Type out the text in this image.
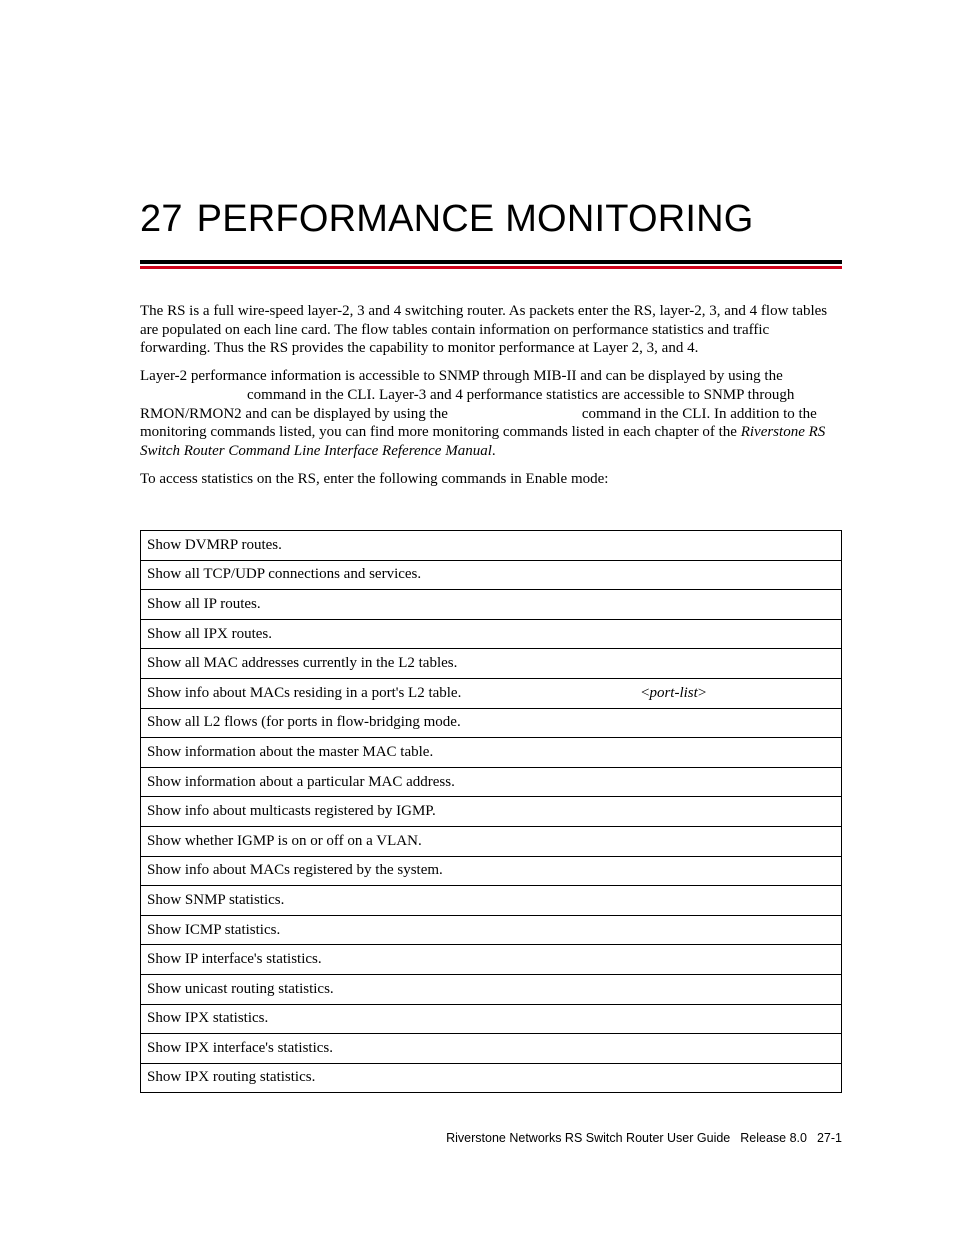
27 PERFORMANCE MONITORING

The RS is a full wire-speed layer-2, 3 and 4 switching router. As packets enter the RS, layer-2, 3, and 4 flow tables are populated on each line card. The flow tables contain information on performance statistics and traffic forwarding. Thus the RS provides the capability to monitor performance at Layer 2, 3, and 4.

Layer-2 performance information is accessible to SNMP through MIB-II and can be displayed by using the
command in the CLI. Layer-3 and 4 performance statistics are accessible to SNMP through
RMON/RMON2 and can be displayed by using the	command in the CLI. In addition to the monitoring commands listed, you can find more monitoring commands listed in each chapter of the Riverstone RS Switch Router Command Line Interface Reference Manual.

To access statistics on the RS, enter the following commands in Enable mode:

Show DVMRP routes.	
Show all TCP/UDP connections and services.	
Show all IP routes.	
Show all IPX routes.	
Show all MAC addresses currently in the L2 tables.	
Show info about MACs residing in a port's L2 table.	<port-list>
Show all L2 flows (for ports in flow-bridging mode.	
Show information about the master MAC table.	
Show information about a particular MAC address.	
Show info about multicasts registered by IGMP.	
Show whether IGMP is on or off on a VLAN.	
Show info about MACs registered by the system.	
Show SNMP statistics.	
Show ICMP statistics.	
Show IP interface's statistics.	
Show unicast routing statistics.	
Show IPX statistics.	
Show IPX interface's statistics.	
Show IPX routing statistics.	
Riverstone Networks RS Switch Router User Guide Release 8.0 27-1
